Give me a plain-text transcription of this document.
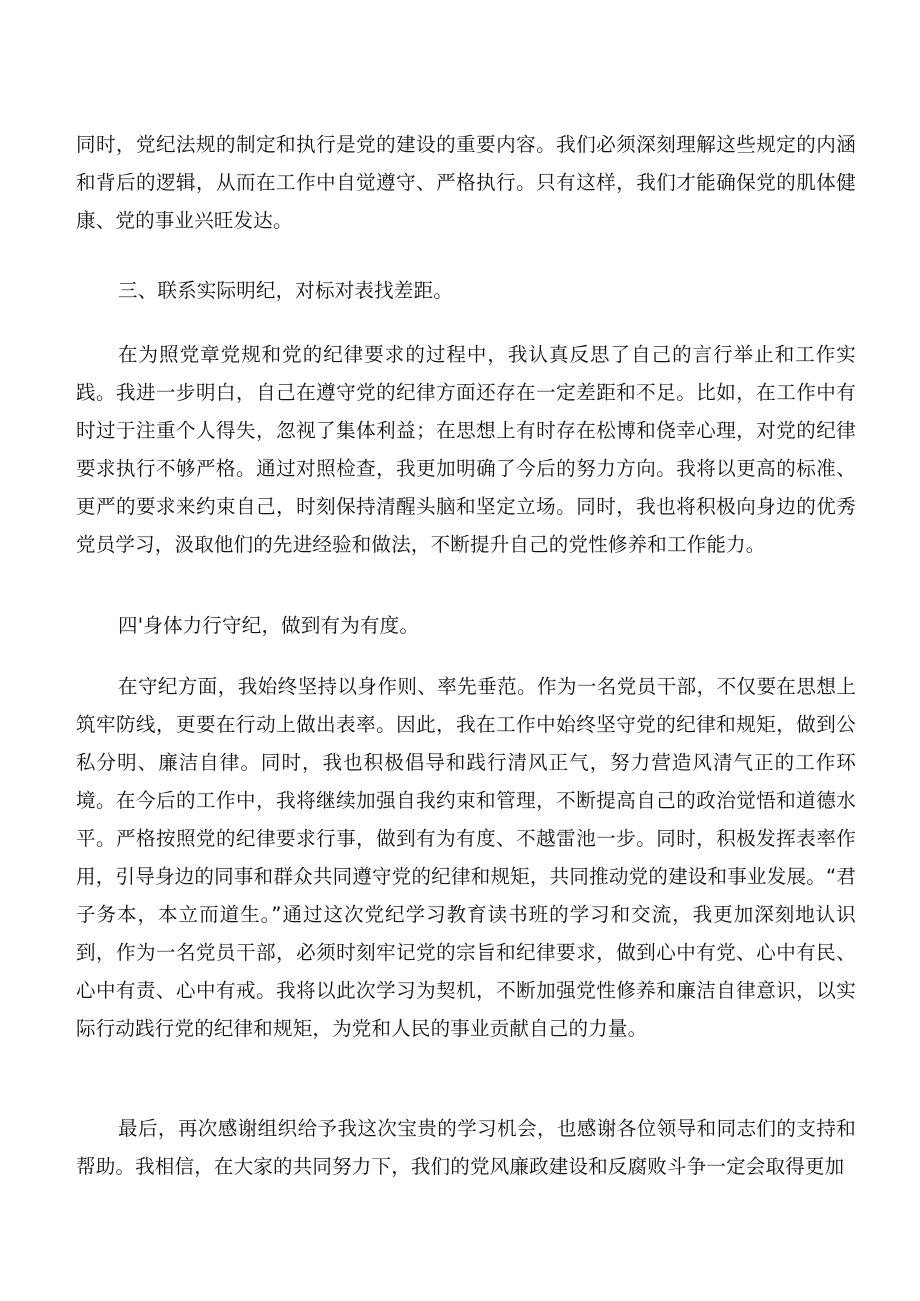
同时，党纪法规的制定和执行是党的建设的重要内容。我们必须深刻理解这些规定的内涵和背后的逻辑，从而在工作中自觉遵守、严格执行。只有这样，我们才能确保党的肌体健康、党的事业兴旺发达。

三、联系实际明纪，对标对表找差距。

在为照党章党规和党的纪律要求的过程中，我认真反思了自己的言行举止和工作实践。我进一步明白，自己在遵守党的纪律方面还存在一定差距和不足。比如，在工作中有时过于注重个人得失，忽视了集体利益；在思想上有时存在松博和侥幸心理，对党的纪律要求执行不够严格。通过对照检查，我更加明确了今后的努力方向。我将以更高的标准、更严的要求来约束自己，时刻保持清醒头脑和坚定立场。同时，我也将积极向身边的优秀党员学习，汲取他们的先进经验和做法，不断提升自己的党性修养和工作能力。

四'身体力行守纪，做到有为有度。

在守纪方面，我始终坚持以身作则、率先垂范。作为一名党员干部，不仅要在思想上筑牢防线，更要在行动上做出表率。因此，我在工作中始终坚守党的纪律和规矩，做到公私分明、廉洁自律。同时，我也积极倡导和践行清风正气，努力营造风清气正的工作环境。在今后的工作中，我将继续加强自我约束和管理，不断提高自己的政治觉悟和道德水平。严格按照党的纪律要求行事，做到有为有度、不越雷池一步。同时，积极发挥表率作用，引导身边的同事和群众共同遵守党的纪律和规矩，共同推动党的建设和事业发展。“君子务本，本立而道生。”通过这次党纪学习教育读书班的学习和交流，我更加深刻地认识到，作为一名党员干部，必须时刻牢记党的宗旨和纪律要求，做到心中有党、心中有民、心中有责、心中有戒。我将以此次学习为契机，不断加强党性修养和廉洁自律意识，以实际行动践行党的纪律和规矩，为党和人民的事业贡献自己的力量。

最后，再次感谢组织给予我这次宝贵的学习机会，也感谢各位领导和同志们的支持和帮助。我相信，在大家的共同努力下，我们的党风廉政建设和反腐败斗争一定会取得更加
